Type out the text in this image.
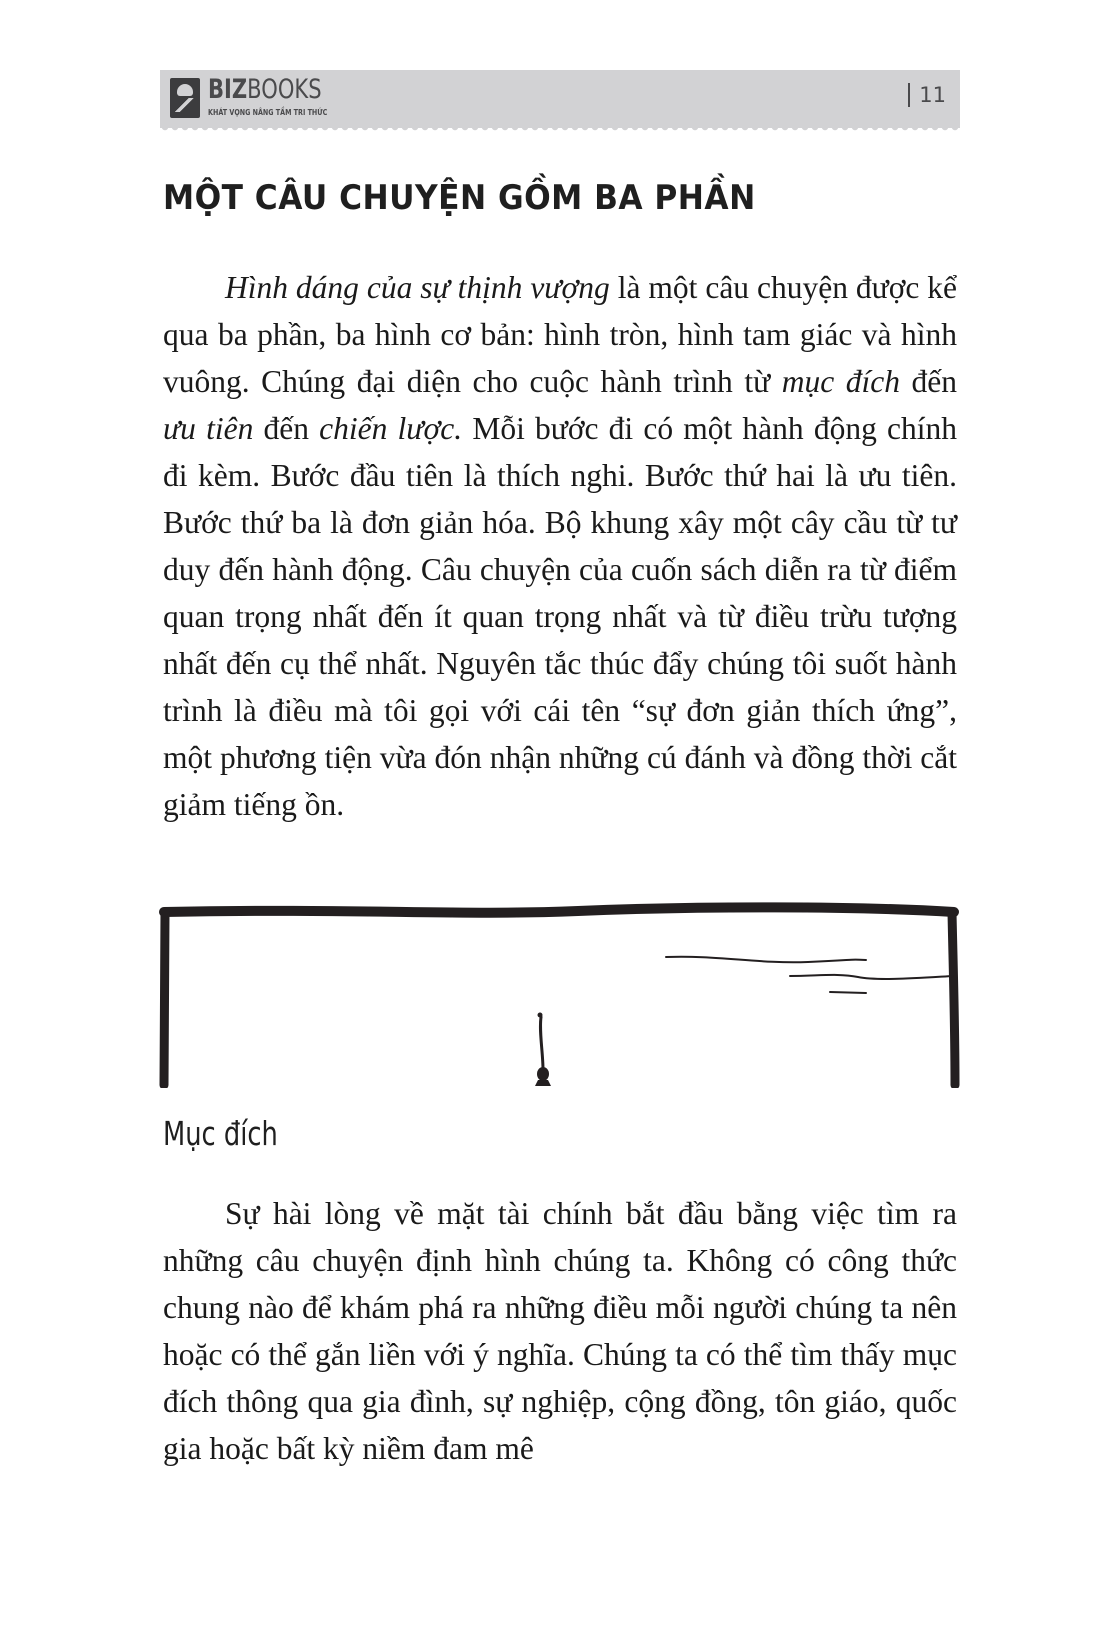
BIZBOOKS
KHÁT VỌNG NÂNG TẦM TRI THỨC
11
MỘT CÂU CHUYỆN GỒM BA PHẦN

Hình dáng của sự thịnh vượng là một câu chuyện được kể qua ba phần, ba hình cơ bản: hình tròn, hình tam giác và hình vuông. Chúng đại diện cho cuộc hành trình từ mục đích đến ưu tiên đến chiến lược. Mỗi bước đi có một hành động chính đi kèm. Bước đầu tiên là thích nghi. Bước thứ hai là ưu tiên. Bước thứ ba là đơn giản hóa. Bộ khung xây một cây cầu từ tư duy đến hành động. Câu chuyện của cuốn sách diễn ra từ điểm quan trọng nhất đến ít quan trọng nhất và từ điều trừu tượng nhất đến cụ thể nhất. Nguyên tắc thúc đẩy chúng tôi suốt hành trình là điều mà tôi gọi với cái tên “sự đơn giản thích ứng”, một phương tiện vừa đón nhận những cú đánh và đồng thời cắt giảm tiếng ồn.

Mục đích

Sự hài lòng về mặt tài chính bắt đầu bằng việc tìm ra những câu chuyện định hình chúng ta. Không có công thức chung nào để khám phá ra những điều mỗi người chúng ta nên hoặc có thể gắn liền với ý nghĩa. Chúng ta có thể tìm thấy mục đích thông qua gia đình, sự nghiệp, cộng đồng, tôn giáo, quốc gia hoặc bất kỳ niềm đam mê
